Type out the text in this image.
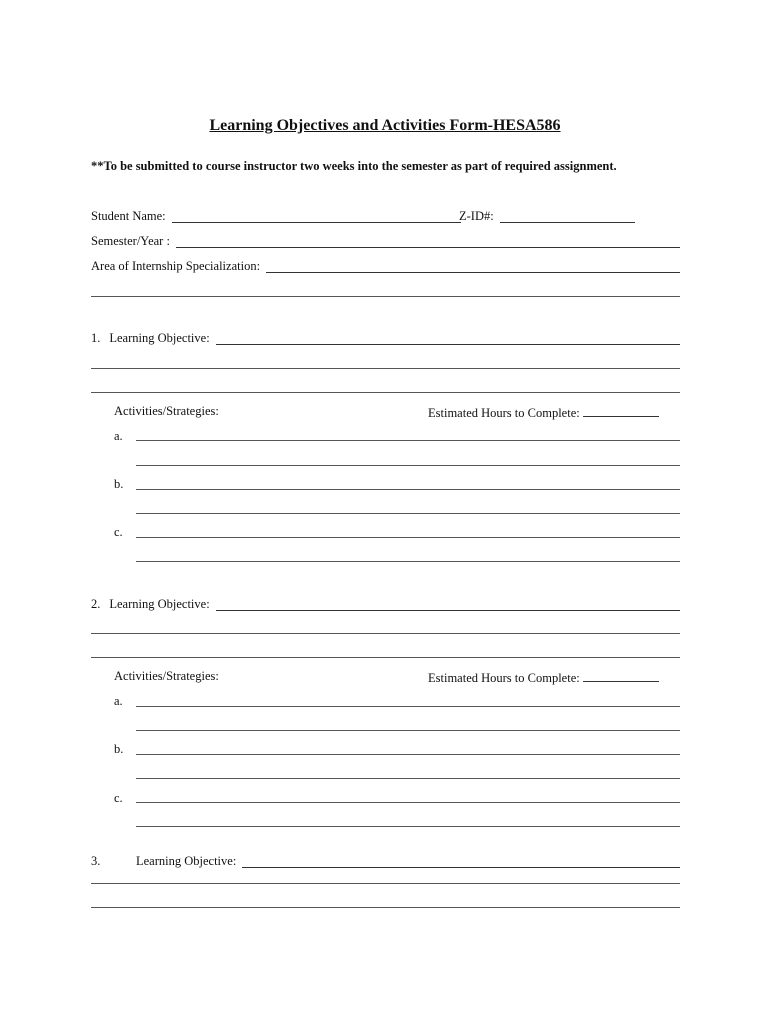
Learning Objectives and Activities Form-HESA586
**To be submitted to course instructor two weeks into the semester as part of required assignment.
Student Name:	Z-ID#:
Semester/Year :
Area of Internship Specialization:
1. Learning Objective:
Activities/Strategies:	Estimated Hours to Complete:
a.
b.
c.
2. Learning Objective:
Activities/Strategies:	Estimated Hours to Complete:
a.
b.
c.
3.	Learning Objective:
